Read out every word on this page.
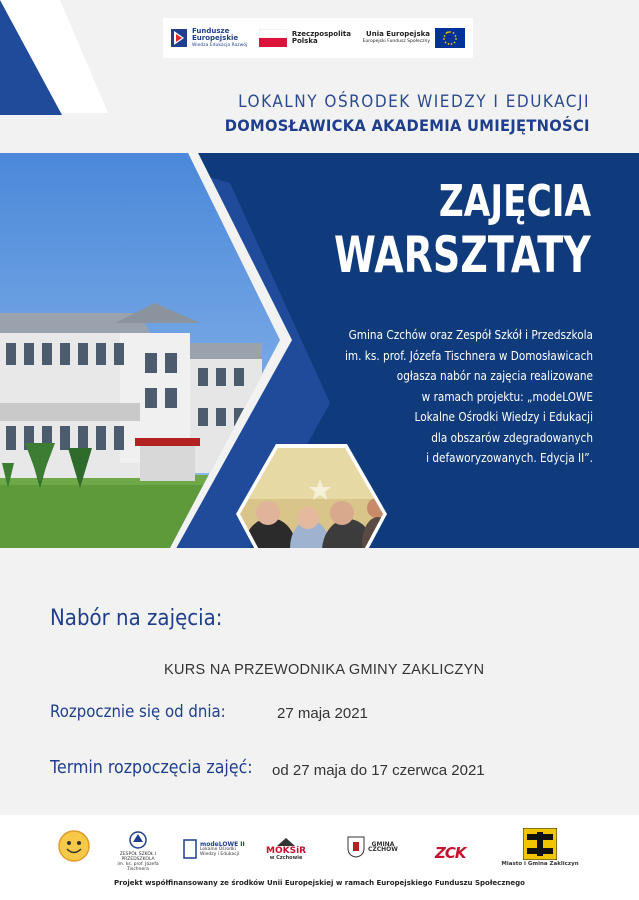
Fundusze
Europejskie
Wiedza Edukacja Rozwój
Rzeczpospolita
Polska
Unia Europejska
Europejski Fundusz Społeczny
LOKALNY OŚRODEK WIEDZY I EDUKACJI
DOMOSŁAWICKA AKADEMIA UMIEJĘTNOŚCI
ZAJĘCIA
WARSZTATY
Gmina Czchów oraz Zespół Szkół i Przedszkola
im. ks. prof. Józefa Tischnera w Domosławicach
ogłasza nabór na zajęcia realizowane
w ramach projektu: „modeLOWE
Lokalne Ośrodki Wiedzy i Edukacji
dla obszarów zdegradowanych
i defaworyzowanych. Edycja II”.
Nabór na zajęcia:
KURS NA PRZEWODNIKA GMINY ZAKLICZYN
Rozpocznie się od dnia:	27 maja 2021
Termin rozpoczęcia zajęć: od 27 maja do 17 czerwca 2021
ZESPÓŁ SZKÓŁ I PRZEDSZKOLA
im. ks. prof. Józefa Tischnera
modeLOWE II
Lokalne Ośrodki
Wiedzy i Edukacji	MOKSiR
w Czchowie
GMINA
CZCHÓW ZCK
Miasto i Gmina Zakliczyn
Projekt współfinansowany ze środków Unii Europejskiej w ramach Europejskiego Funduszu Społecznego
